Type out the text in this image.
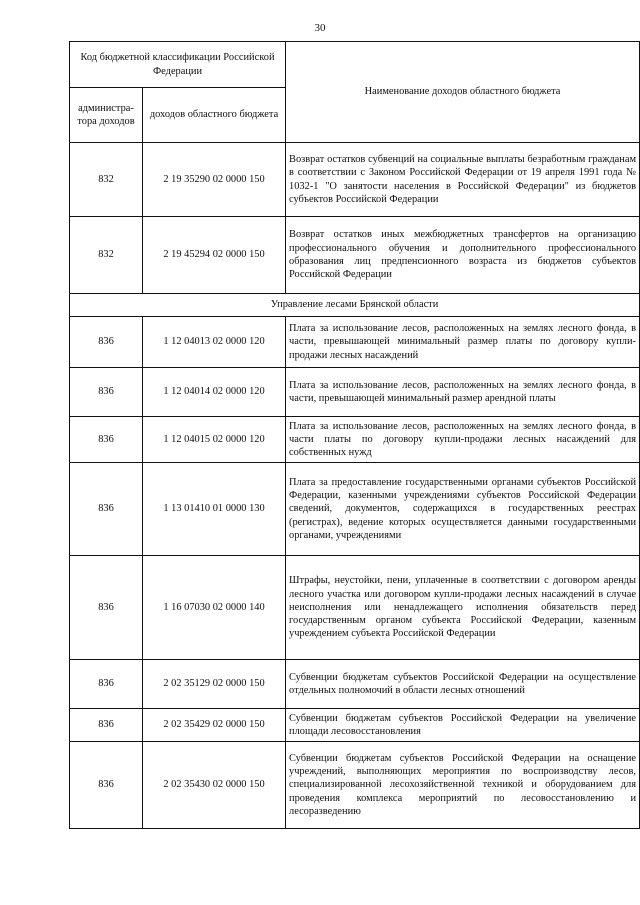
30
Код бюджетной классификации Российской Федерации		Наименование доходов областного бюджета
администра-тора доходов	доходов областного бюджета	
832	2 19 35290 02 0000 150	Возврат остатков субвенций на социальные выплаты безработным гражданам в соответствии с Законом Российской Федерации от 19 апреля 1991 года № 1032-1 "О занятости населения в Российской Федерации" из бюджетов субъектов Российской Федерации
832	2 19 45294 02 0000 150	Возврат остатков иных межбюджетных трансфертов на организацию профессионального обучения и дополнительного профессионального образования лиц предпенсионного возраста из бюджетов субъектов Российской Федерации
Управление лесами Брянской области		
836	1 12 04013 02 0000 120	Плата за использование лесов, расположенных на землях лесного фонда, в части, превышающей минимальный размер платы по договору купли-продажи лесных насаждений
836	1 12 04014 02 0000 120	Плата за использование лесов, расположенных на землях лесного фонда, в части, превышающей минимальный размер арендной платы
836	1 12 04015 02 0000 120	Плата за использование лесов, расположенных на землях лесного фонда, в части платы по договору купли-продажи лесных насаждений для собственных нужд
836	1 13 01410 01 0000 130	Плата за предоставление государственными органами субъектов Российской Федерации, казенными учреждениями субъектов Российской Федерации сведений, документов, содержащихся в государственных реестрах (регистрах), ведение которых осуществляется данными государственными органами, учреждениями
836	1 16 07030 02 0000 140	Штрафы, неустойки, пени, уплаченные в соответствии с договором аренды лесного участка или договором купли-продажи лесных насаждений в случае неисполнения или ненадлежащего исполнения обязательств перед государственным органом субъекта Российской Федерации, казенным учреждением субъекта Российской Федерации
836	2 02 35129 02 0000 150	Субвенции бюджетам субъектов Российской Федерации на осуществление отдельных полномочий в области лесных отношений
836	2 02 35429 02 0000 150	Субвенции бюджетам субъектов Российской Федерации на увеличение площади лесовосстановления
836	2 02 35430 02 0000 150	Субвенции бюджетам субъектов Российской Федерации на оснащение учреждений, выполняющих мероприятия по воспроизводству лесов, специализированной лесохозяйственной техникой и оборудованием для проведения комплекса мероприятий по лесовосстановлению и лесоразведению
